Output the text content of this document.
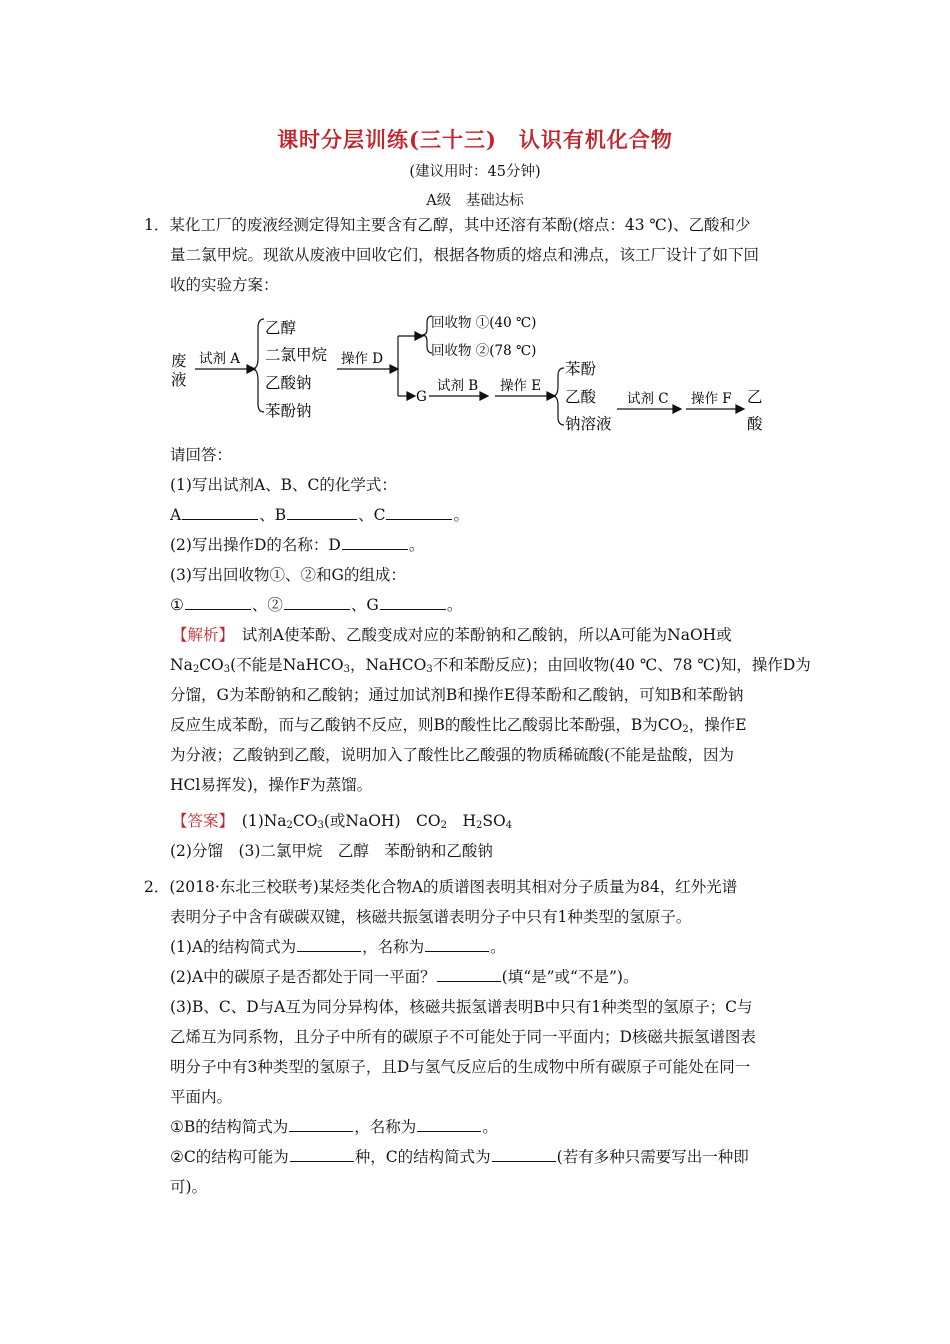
课时分层训练(三十三)　认识有机化合物
(建议用时：45分钟)
A级　基础达标
1．某化工厂的废液经测定得知主要含有乙醇，其中还溶有苯酚(熔点：43 ℃)、乙酸和少
量二氯甲烷。现欲从废液中回收它们，根据各物质的熔点和沸点，该工厂设计了如下回
收的实验方案：
废
液
试剂 A
乙醇
二氯甲烷
乙酸钠
苯酚钠
操作 D
回收物 ①(40 ℃)
回收物 ②(78 ℃)
G
试剂 B 操作 E
苯酚
乙酸
钠溶液
试剂 C 操作 F 乙
酸
请回答：
(1)写出试剂A、B、C的化学式：
A	、B	、C	。
(2)写出操作D的名称：D	。
(3)写出回收物①、②和G的组成：
①	、②	、G	。
【解析】　 试剂A使苯酚、乙酸变成对应的苯酚钠和乙酸钠，所以A可能为NaOH或
$Na_2CO_3$(不能是NaHCO$_3$，NaHCO$_3$不和苯酚反应)；由回收物(40 ℃、78 ℃)知，操作D为
分馏，G为苯酚钠和乙酸钠；通过加试剂B和操作E得苯酚和乙酸钠，可知B和苯酚钠
反应生成苯酚，而与乙酸钠不反应，则B的酸性比乙酸弱比苯酚强，B为$CO_2$，操作E
为分液；乙酸钠到乙酸，说明加入了酸性比乙酸强的物质稀硫酸(不能是盐酸，因为
HCl易挥发)，操作F为蒸馏。
【答案】　 $(1)Na_2CO_3$(或NaOH)　$CO_2$　$H_2SO_4$
(2)分馏　(3)二氯甲烷　乙醇　苯酚钠和乙酸钠
2．(2018·东北三校联考)某烃类化合物A的质谱图表明其相对分子质量为84，红外光谱
表明分子中含有碳碳双键，核磁共振氢谱表明分子中只有1种类型的氢原子。
(1)A的结构简式为	，名称为	。
(2)A中的碳原子是否都处于同一平面？	(填“是”或“不是”)。
(3)B、C、D与A互为同分异构体，核磁共振氢谱表明B中只有1种类型的氢原子；C与
乙烯互为同系物，且分子中所有的碳原子不可能处于同一平面内；D核磁共振氢谱图表
明分子中有3种类型的氢原子，且D与氢气反应后的生成物中所有碳原子可能处在同一
平面内。
①B的结构简式为	，名称为	。
②C的结构可能为	种，C的结构简式为	(若有多种只需要写出一种即
可)。
